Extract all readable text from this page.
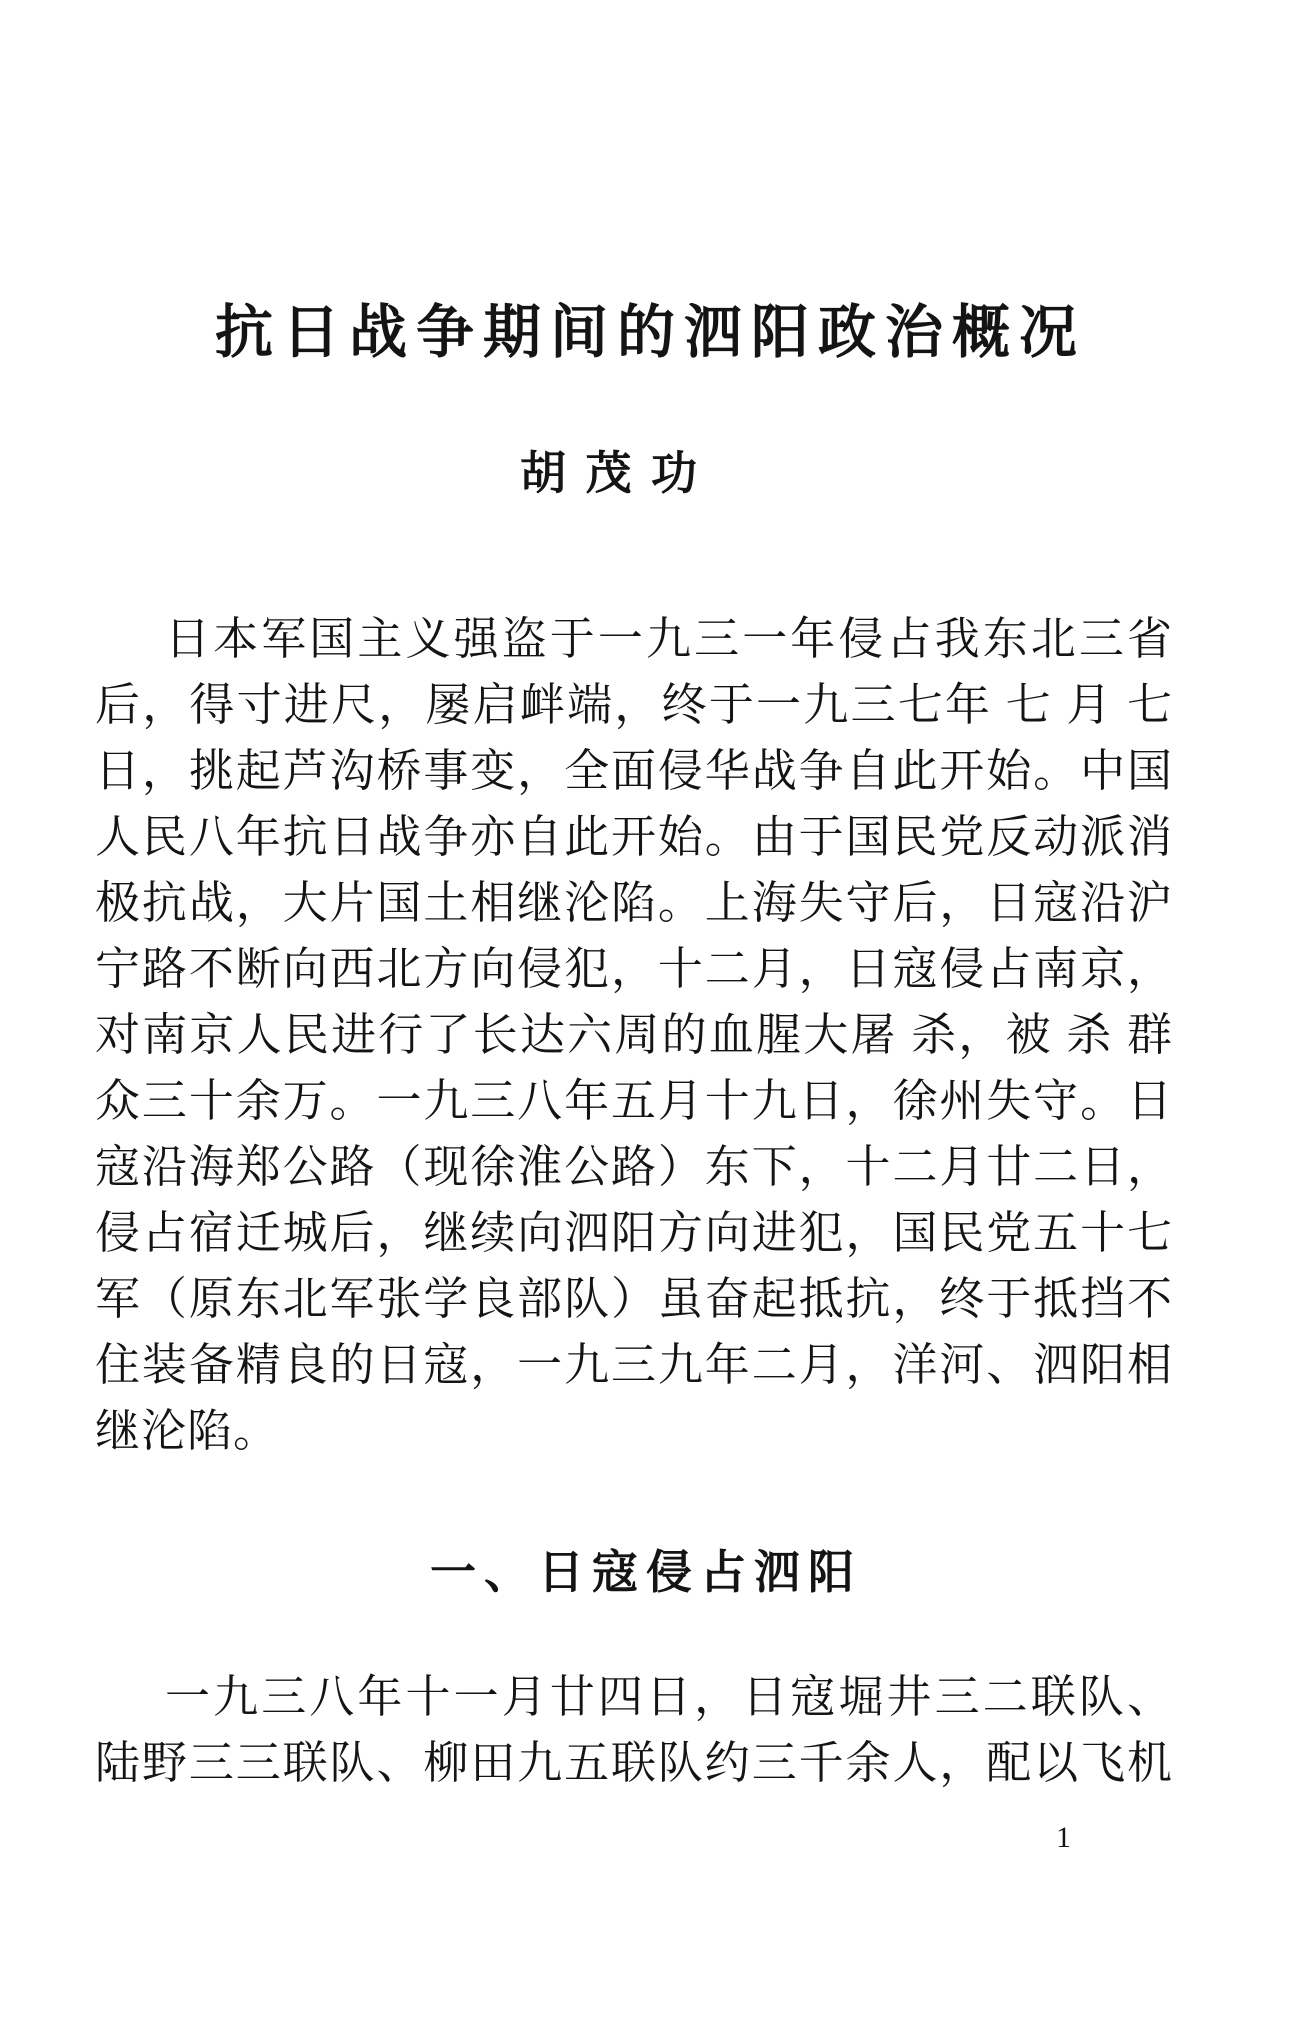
抗日战争期间的泗阳政治概况
胡 茂 功
日本军国主义强盗于一九三一年侵占我东北三省
后，得寸进尺，屡启衅端，终于一九三七年 七 月 七
日，挑起芦沟桥事变，全面侵华战争自此开始。中国
人民八年抗日战争亦自此开始。由于国民党反动派消
极抗战，大片国土相继沦陷。上海失守后，日寇沿沪
宁路不断向西北方向侵犯，十二月，日寇侵占南京，
对南京人民进行了长达六周的血腥大屠 杀，被 杀 群
众三十余万。一九三八年五月十九日，徐州失守。日
寇沿海郑公路（现徐淮公路）东下，十二月廿二日，
侵占宿迁城后，继续向泗阳方向进犯，国民党五十七
军（原东北军张学良部队）虽奋起抵抗，终于抵挡不
住装备精良的日寇，一九三九年二月，洋河、泗阳相
继沦陷。
一、日寇侵占泗阳
一九三八年十一月廿四日，日寇堀井三二联队、
陆野三三联队、柳田九五联队约三千余人，配以飞机
1
